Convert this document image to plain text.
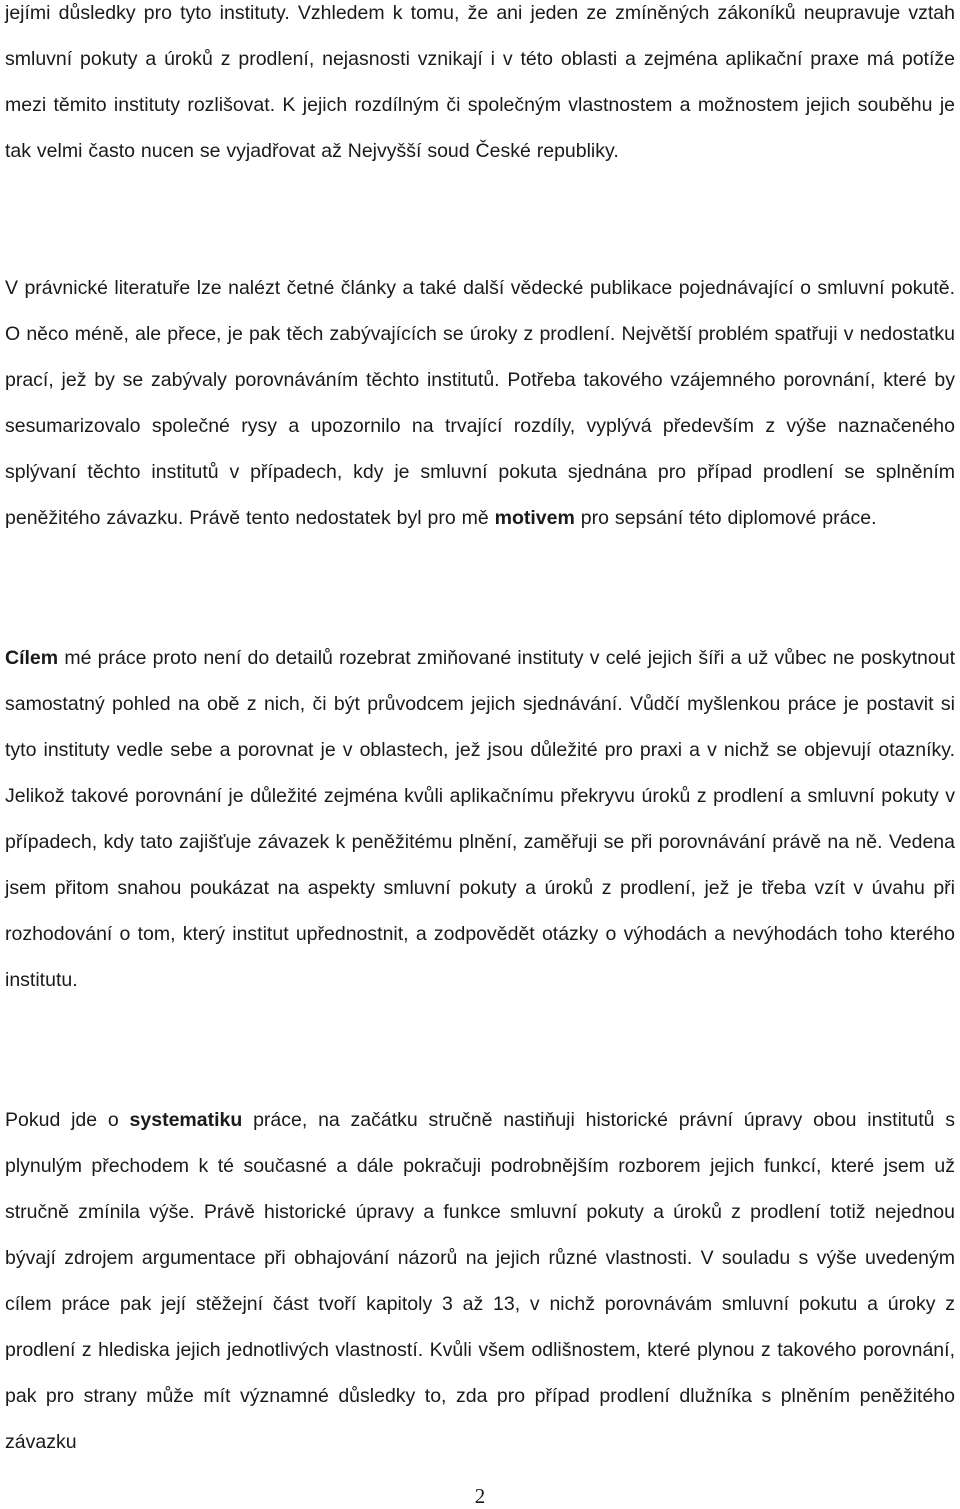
jejími důsledky pro tyto instituty. Vzhledem k tomu, že ani jeden ze zmíněných zákoníků neupravuje vztah smluvní pokuty a úroků z prodlení, nejasnosti vznikají i v této oblasti a zejména aplikační praxe má potíže mezi těmito instituty rozlišovat. K jejich rozdílným či společným vlastnostem a možnostem jejich souběhu je tak velmi často nucen se vyjadřovat až Nejvyšší soud České republiky.

V právnické literatuře lze nalézt četné články a také další vědecké publikace pojednávající o smluvní pokutě. O něco méně, ale přece, je pak těch zabývajících se úroky z prodlení. Největší problém spatřuji v nedostatku prací, jež by se zabývaly porovnáváním těchto institutů. Potřeba takového vzájemného porovnání, které by sesumarizovalo společné rysy a upozornilo na trvající rozdíly, vyplývá především z výše naznačeného splývaní těchto institutů v případech, kdy je smluvní pokuta sjednána pro případ prodlení se splněním peněžitého závazku. Právě tento nedostatek byl pro mě motivem pro sepsání této diplomové práce.

Cílem mé práce proto není do detailů rozebrat zmiňované instituty v celé jejich šíři a už vůbec ne poskytnout samostatný pohled na obě z nich, či být průvodcem jejich sjednávání. Vůdčí myšlenkou práce je postavit si tyto instituty vedle sebe a porovnat je v oblastech, jež jsou důležité pro praxi a v nichž se objevují otazníky. Jelikož takové porovnání je důležité zejména kvůli aplikačnímu překryvu úroků z prodlení a smluvní pokuty v případech, kdy tato zajišťuje závazek k peněžitému plnění, zaměřuji se při porovnávání právě na ně. Vedena jsem přitom snahou poukázat na aspekty smluvní pokuty a úroků z prodlení, jež je třeba vzít v úvahu při rozhodování o tom, který institut upřednostnit, a zodpovědět otázky o výhodách a nevýhodách toho kterého institutu.

Pokud jde o systematiku práce, na začátku stručně nastiňuji historické právní úpravy obou institutů s plynulým přechodem k té současné a dále pokračuji podrobnějším rozborem jejich funkcí, které jsem už stručně zmínila výše. Právě historické úpravy a funkce smluvní pokuty a úroků z prodlení totiž nejednou bývají zdrojem argumentace při obhajování názorů na jejich různé vlastnosti. V souladu s výše uvedeným cílem práce pak její stěžejní část tvoří kapitoly 3 až 13, v nichž porovnávám smluvní pokutu a úroky z prodlení z hlediska jejich jednotlivých vlastností. Kvůli všem odlišnostem, které plynou z takového porovnání, pak pro strany může mít významné důsledky to, zda pro případ prodlení dlužníka s plněním peněžitého závazku

2
